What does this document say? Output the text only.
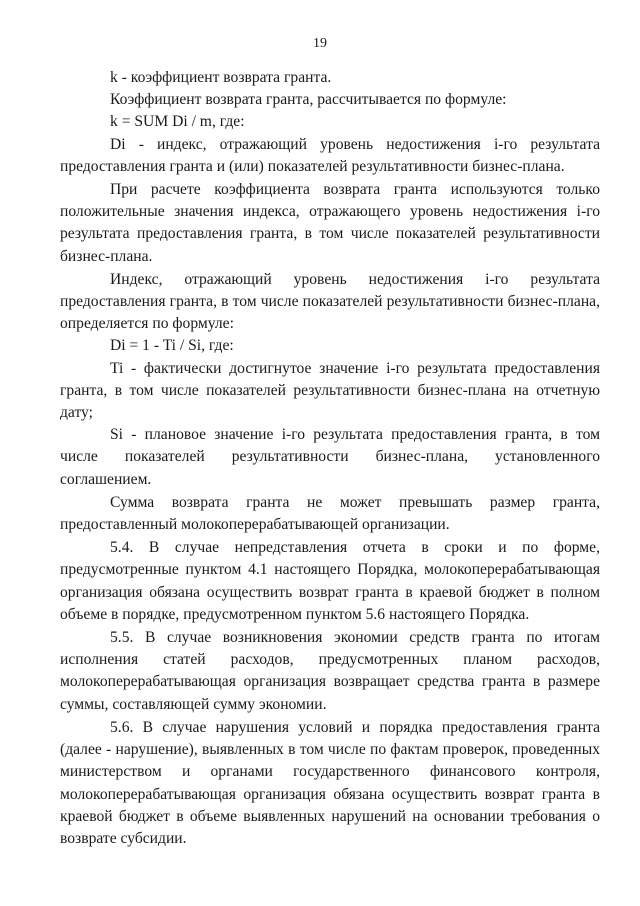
19

k - коэффициент возврата гранта.

Коэффициент возврата гранта, рассчитывается по формуле:

k = SUM Di / m, где:

Di - индекс, отражающий уровень недостижения i-го результата предоставления гранта и (или) показателей результативности бизнес-плана.

При расчете коэффициента возврата гранта используются только положительные значения индекса, отражающего уровень недостижения i-го результата предоставления гранта, в том числе показателей результативности бизнес-плана.

Индекс, отражающий уровень недостижения i-го результата предоставления гранта, в том числе показателей результативности бизнес-плана, определяется по формуле:

Di = 1 - Ti / Si, где:

Ti - фактически достигнутое значение i-го результата предоставления гранта, в том числе показателей результативности бизнес-плана на отчетную дату;

Si - плановое значение i-го результата предоставления гранта, в том числе показателей результативности бизнес-плана, установленного соглашением.

Сумма возврата гранта не может превышать размер гранта, предоставленный молокоперерабатывающей организации.

5.4. В случае непредставления отчета в сроки и по форме, предусмотренные пунктом 4.1 настоящего Порядка, молокоперерабатывающая организация обязана осуществить возврат гранта в краевой бюджет в полном объеме в порядке, предусмотренном пунктом 5.6 настоящего Порядка.

5.5. В случае возникновения экономии средств гранта по итогам исполнения статей расходов, предусмотренных планом расходов, молокоперерабатывающая организация возвращает средства гранта в размере суммы, составляющей сумму экономии.

5.6. В случае нарушения условий и порядка предоставления гранта (далее - нарушение), выявленных в том числе по фактам проверок, проведенных министерством и органами государственного финансового контроля, молокоперерабатывающая организация обязана осуществить возврат гранта в краевой бюджет в объеме выявленных нарушений на основании требования о возврате субсидии.
